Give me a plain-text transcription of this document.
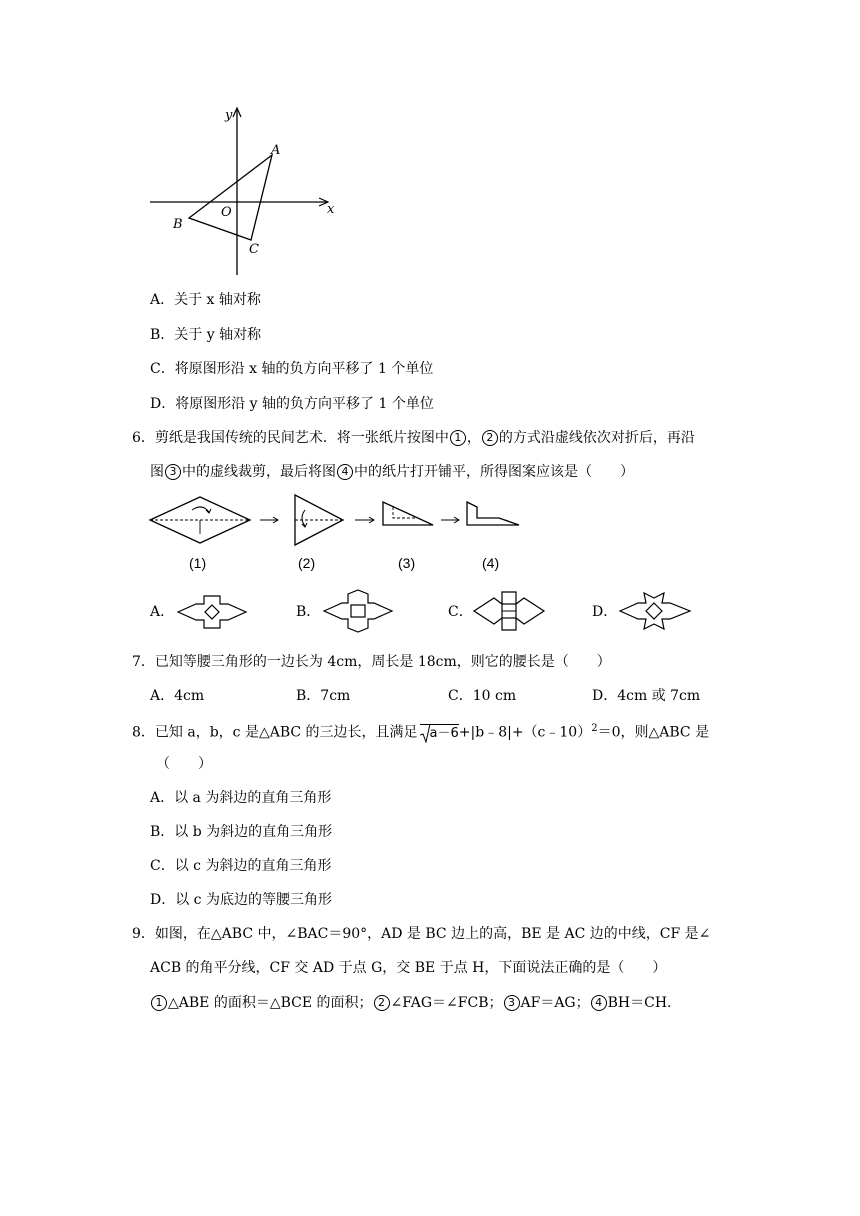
y
x
O
A
B
C
A．关于 x 轴对称
B．关于 y 轴对称
C．将原图形沿 x 轴的负方向平移了 1 个单位
D．将原图形沿 y 轴的负方向平移了 1 个单位
6．剪纸是我国传统的民间艺术．将一张纸片按图中 1 ， 2 的方式沿虚线依次对折后，再沿
图 3 中的虚线裁剪，最后将图 4 中的纸片打开铺平，所得图案应该是（　　）
(1)	(2)	(3)	(4)
A．	B．	C．	D．
7．已知等腰三角形的一边长为 4cm，周长是 18cm，则它的腰长是（　　）
A．4cm	B．7cm	C．10 cm	D．4cm 或 7cm
8．已知 a，b，c 是△ABC 的三边长，且满足 a－6+|b﹣8|+（c﹣10）$^2$＝0，则△ABC 是
（　　）
A．以 a 为斜边的直角三角形
B．以 b 为斜边的直角三角形
C．以 c 为斜边的直角三角形
D．以 c 为底边的等腰三角形
9．如图，在△ABC 中，∠BAC＝90°，AD 是 BC 边上的高，BE 是 AC 边的中线，CF 是∠
ACB 的角平分线，CF 交 AD 于点 G，交 BE 于点 H，下面说法正确的是（　　）
1 △ABE 的面积＝△BCE 的面积； 2 ∠FAG＝∠FCB； 3 AF＝AG； 4 BH＝CH.
